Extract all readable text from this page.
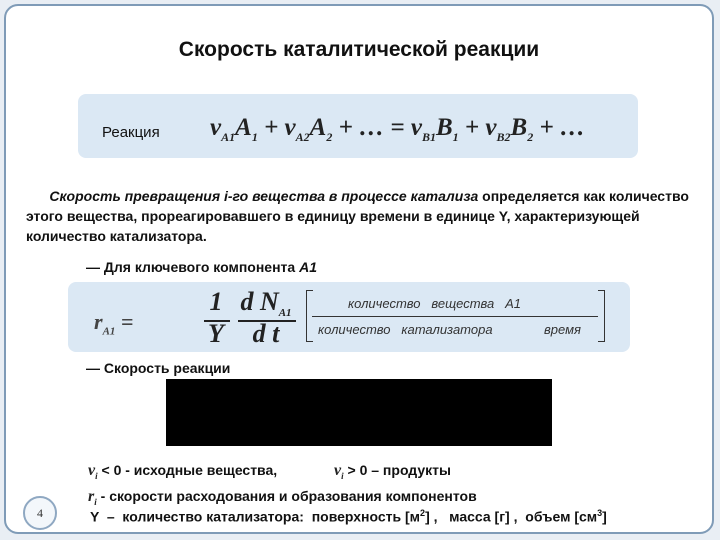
Скорость каталитической реакции
Реакция $\nu_{A1}A_1 + \nu_{A2}A_2$ + … = $\nu_{B1}B_1 + \nu_{B2}B_2$ + …
Скорость превращения i-го вещества в процессе катализа определяется как количество этого вещества, прореагировавшего в единицу времени в единице Y, характеризующей количество катализатора.
— Для ключевого компонента А1
$r_{A1}$ =
1
Y
d $N_{A1}$
d t
количество   вещества   А1
количество   катализатора	время
— Скорость реакции
$\nu_i < 0$ - исходные вещества,	$\nu_i > 0$ – продукты
$r_i$ - скорости расходования и образования компонентов
Y  –  количество катализатора:  поверхность $[м^2]$ ,   масса [г] ,  объем $[см^3]$
4
